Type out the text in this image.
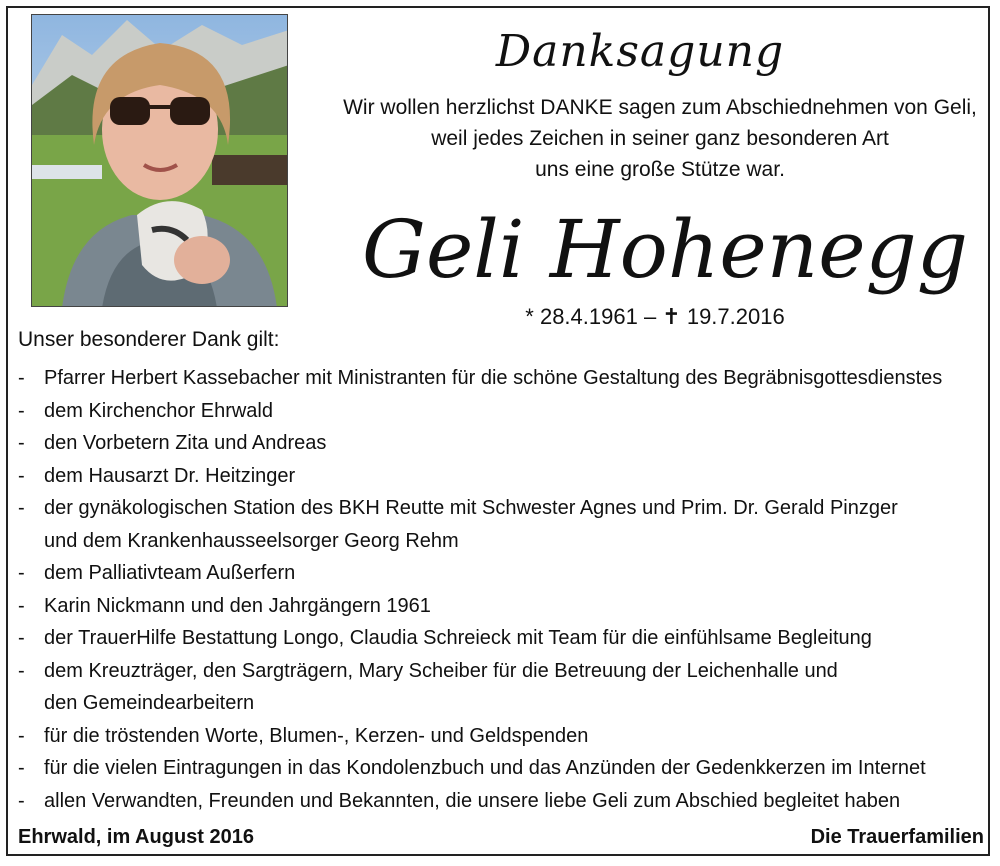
Danksagung
Wir wollen herzlichst DANKE sagen zum Abschiednehmen von Geli,
weil jedes Zeichen in seiner ganz besonderen Art
uns eine große Stütze war.
Geli Hohenegg
* 28.4.1961 – ✝ 19.7.2016
Unser besonderer Dank gilt:
- Pfarrer Herbert Kassebacher mit Ministranten für die schöne Gestaltung des Begräbnisgottesdienstes
- dem Kirchenchor Ehrwald
- den Vorbetern Zita und Andreas
- dem Hausarzt Dr. Heitzinger
- der gynäkologischen Station des BKH Reutte mit Schwester Agnes und Prim. Dr. Gerald Pinzger
und dem Krankenhausseelsorger Georg Rehm
- dem Palliativteam Außerfern
- Karin Nickmann und den Jahrgängern 1961
- der TrauerHilfe Bestattung Longo, Claudia Schreieck mit Team für die einfühlsame Begleitung
- dem Kreuzträger, den Sargträgern, Mary Scheiber für die Betreuung der Leichenhalle und
den Gemeindearbeitern
- für die tröstenden Worte, Blumen-, Kerzen- und Geldspenden
- für die vielen Eintragungen in das Kondolenzbuch und das Anzünden der Gedenkkerzen im Internet
- allen Verwandten, Freunden und Bekannten, die unsere liebe Geli zum Abschied begleitet haben
Ehrwald, im August 2016	Die Trauerfamilien
